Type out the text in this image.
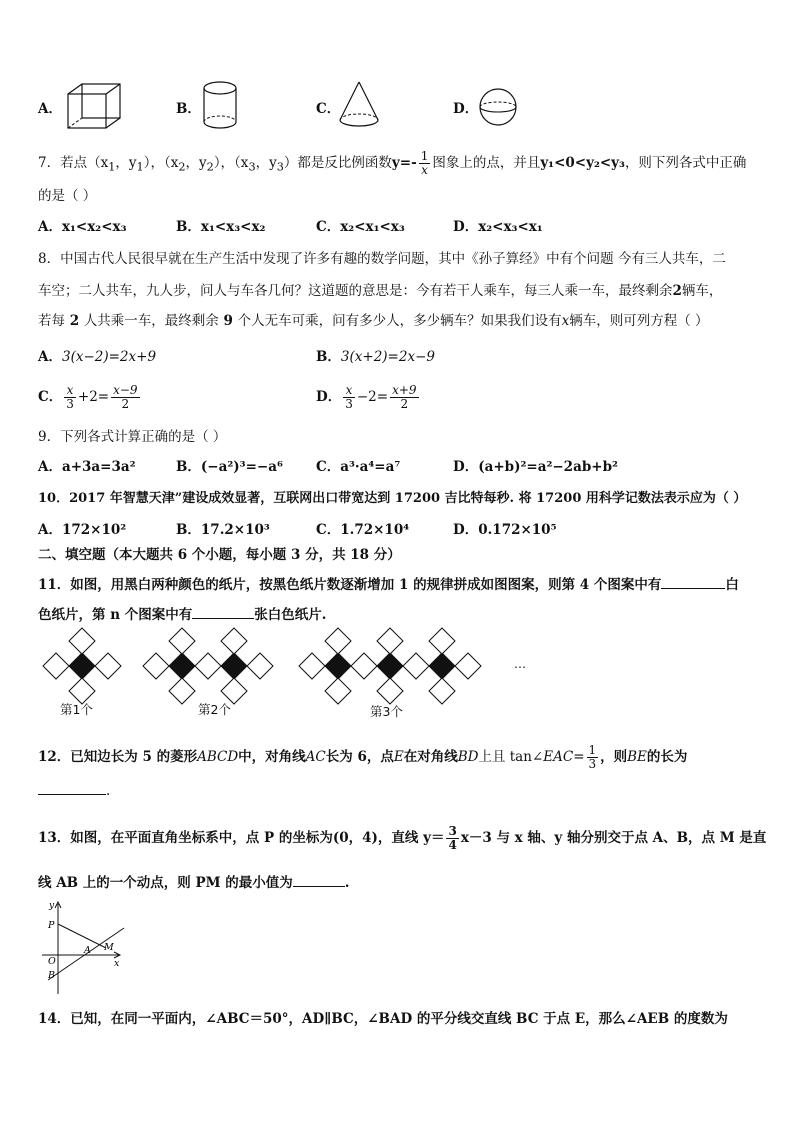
A．	B．	C．	D．
7．若点（$x_1$，$y_1$），（$x_2$，$y_2$），（$x_3$，$y_3$）都是反比例函数$y=- \frac{1}{x}$ 图象上的点，并且y₁<0<y₂<y₃，则下列各式中正确
的是（ ）
A．x₁<x₂<x₃	B．x₁<x₃<x₂	C．x₂<x₁<x₃	D．x₂<x₃<x₁
8．中国古代人民很早就在生产生活中发现了许多有趣的数学问题，其中《孙子算经》中有个问题 今有三人共车，二
车空；二人共车，九人步，问人与车各几何？这道题的意思是：今有若干人乘车，每三人乘一车，最终剩余2辆车，
若每 2 人共乘一车，最终剩余 9 个人无车可乘，问有多少人，多少辆车？如果我们设有x辆车，则可列方程（ ）
A．3(x−2)=2x+9	B．3(x+2)=2x−9
C． $\frac{x}{3} +2= \frac{x-9}{2}$	D． $\frac{x}{3} -2= \frac{x+9}{2}$
9．下列各式计算正确的是（ ）
A．a+3a=3a²	B．(−a²)³=−a⁶ C．a³·a⁴=a⁷	D．(a+b)²=a²−2ab+b²
10．2017 年智慧天津”建设成效显著，互联网出口带宽达到 17200 吉比特每秒. 将 17200 用科学记数法表示应为（ ）
A．172×10²	B．17.2×10³	C．1.72×10⁴	D．0.172×10⁵
二、填空题（本大题共 6 个小题，每小题 3 分，共 18 分）
11．如图，用黑白两种颜色的纸片，按黑色纸片数逐渐增加 1 的规律拼成如图图案，则第 4 个图案中有	白
色纸片，第 n 个图案中有	张白色纸片.
第1个	第2个	第3个
…
12．已知边长为 5 的菱形ABCD中，对角线AC长为 6，点E在对角线BD上且 tan∠EAC= $\frac{1}{3}$ ，则BE的长为
.
13．如图，在平面直角坐标系中，点 P 的坐标为(0，4)，直线 $y= \frac{3}{4} x-3$ 与 x 轴、y 轴分别交于点 A、B，点 M 是直
线 AB 上的一个动点，则 PM 的最小值为	.
y
P
A M
O
B
x
14．已知，在同一平面内，∠ABC＝50°，AD∥BC，∠BAD 的平分线交直线 BC 于点 E，那么∠AEB 的度数为
